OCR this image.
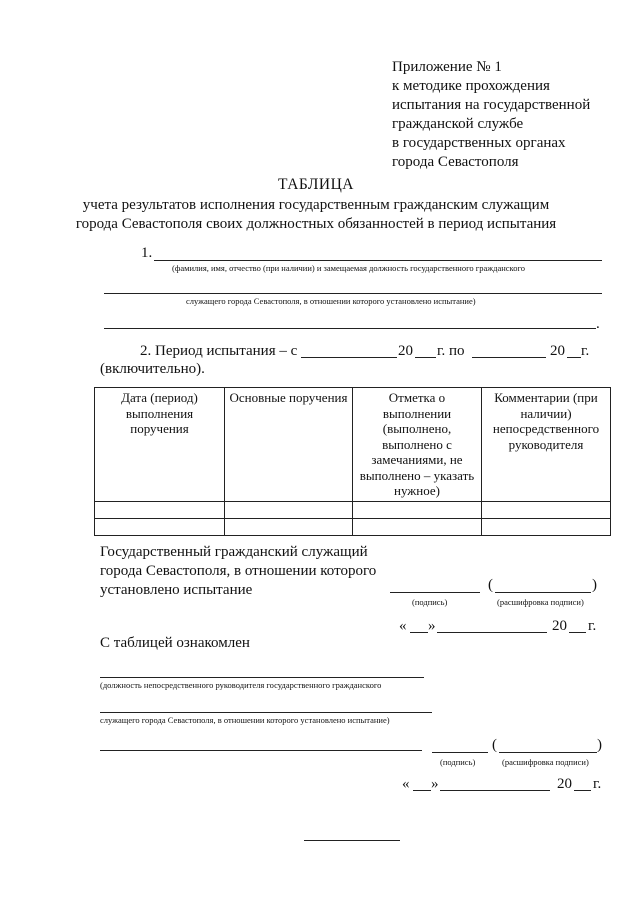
Приложение № 1
к методике прохождения
испытания на государственной
гражданской службе
в государственных органах
города Севастополя
ТАБЛИЦА
учета результатов исполнения государственным гражданским служащим
города Севастополя своих должностных обязанностей в период испытания
1.
(фамилия, имя, отчество (при наличии) и замещаемая должность государственного гражданского
служащего города Севастополя, в отношении которого установлено испытание)
.
2. Период испытания – с	20 г. по	20 г.
(включительно).
Дата (период) выполнения поручения	Основные поручения	Отметка о выполнении (выполнено, выполнено с замечаниями, не выполнено – указать нужное)	Комментарии (при наличии) непосредственного руководителя

Государственный гражданский служащий
города Севастополя, в отношении которого
установлено испытание	(	)
(подпись)	(расшифровка подписи)
« »	20 г.
С таблицей ознакомлен
(должность непосредственного руководителя государственного гражданского
служащего города Севастополя, в отношении которого установлено испытание)
(	)
(подпись)	(расшифровка подписи)
« »	20 г.
